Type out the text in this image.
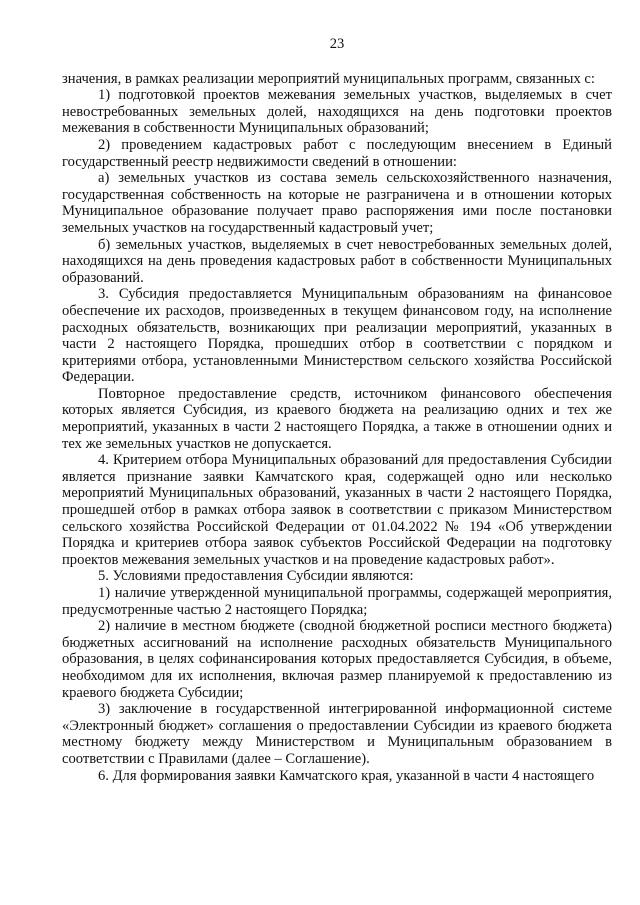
23

значения, в рамках реализации мероприятий муниципальных программ, связанных с:

1) подготовкой проектов межевания земельных участков, выделяемых в счет невостребованных земельных долей, находящихся на день подготовки проектов межевания в собственности Муниципальных образований;

2) проведением кадастровых работ с последующим внесением в Единый государственный реестр недвижимости сведений в отношении:

а) земельных участков из состава земель сельскохозяйственного назначения, государственная собственность на которые не разграничена и в отношении которых Муниципальное образование получает право распоряжения ими после постановки земельных участков на государственный кадастровый учет;

б) земельных участков, выделяемых в счет невостребованных земельных долей, находящихся на день проведения кадастровых работ в собственности Муниципальных образований.

3. Субсидия предоставляется Муниципальным образованиям на финансовое обеспечение их расходов, произведенных в текущем финансовом году, на исполнение расходных обязательств, возникающих при реализации мероприятий, указанных в части 2 настоящего Порядка, прошедших отбор в соответствии с порядком и критериями отбора, установленными Министерством сельского хозяйства Российской Федерации.

Повторное предоставление средств, источником финансового обеспечения которых является Субсидия, из краевого бюджета на реализацию одних и тех же мероприятий, указанных в части 2 настоящего Порядка, а также в отношении одних и тех же земельных участков не допускается.

4. Критерием отбора Муниципальных образований для предоставления Субсидии является признание заявки Камчатского края, содержащей одно или несколько мероприятий Муниципальных образований, указанных в части 2 настоящего Порядка, прошедшей отбор в рамках отбора заявок в соответствии с приказом Министерством сельского хозяйства Российской Федерации от 01.04.2022 № 194 «Об утверждении Порядка и критериев отбора заявок субъектов Российской Федерации на подготовку проектов межевания земельных участков и на проведение кадастровых работ».

5. Условиями предоставления Субсидии являются:

1) наличие утвержденной муниципальной программы, содержащей мероприятия, предусмотренные частью 2 настоящего Порядка;

2) наличие в местном бюджете (сводной бюджетной росписи местного бюджета) бюджетных ассигнований на исполнение расходных обязательств Муниципального образования, в целях софинансирования которых предоставляется Субсидия, в объеме, необходимом для их исполнения, включая размер планируемой к предоставлению из краевого бюджета Субсидии;

3) заключение в государственной интегрированной информационной системе «Электронный бюджет» соглашения о предоставлении Субсидии из краевого бюджета местному бюджету между Министерством и Муниципальным образованием в соответствии с Правилами (далее – Соглашение).

6. Для формирования заявки Камчатского края, указанной в части 4 настоящего
